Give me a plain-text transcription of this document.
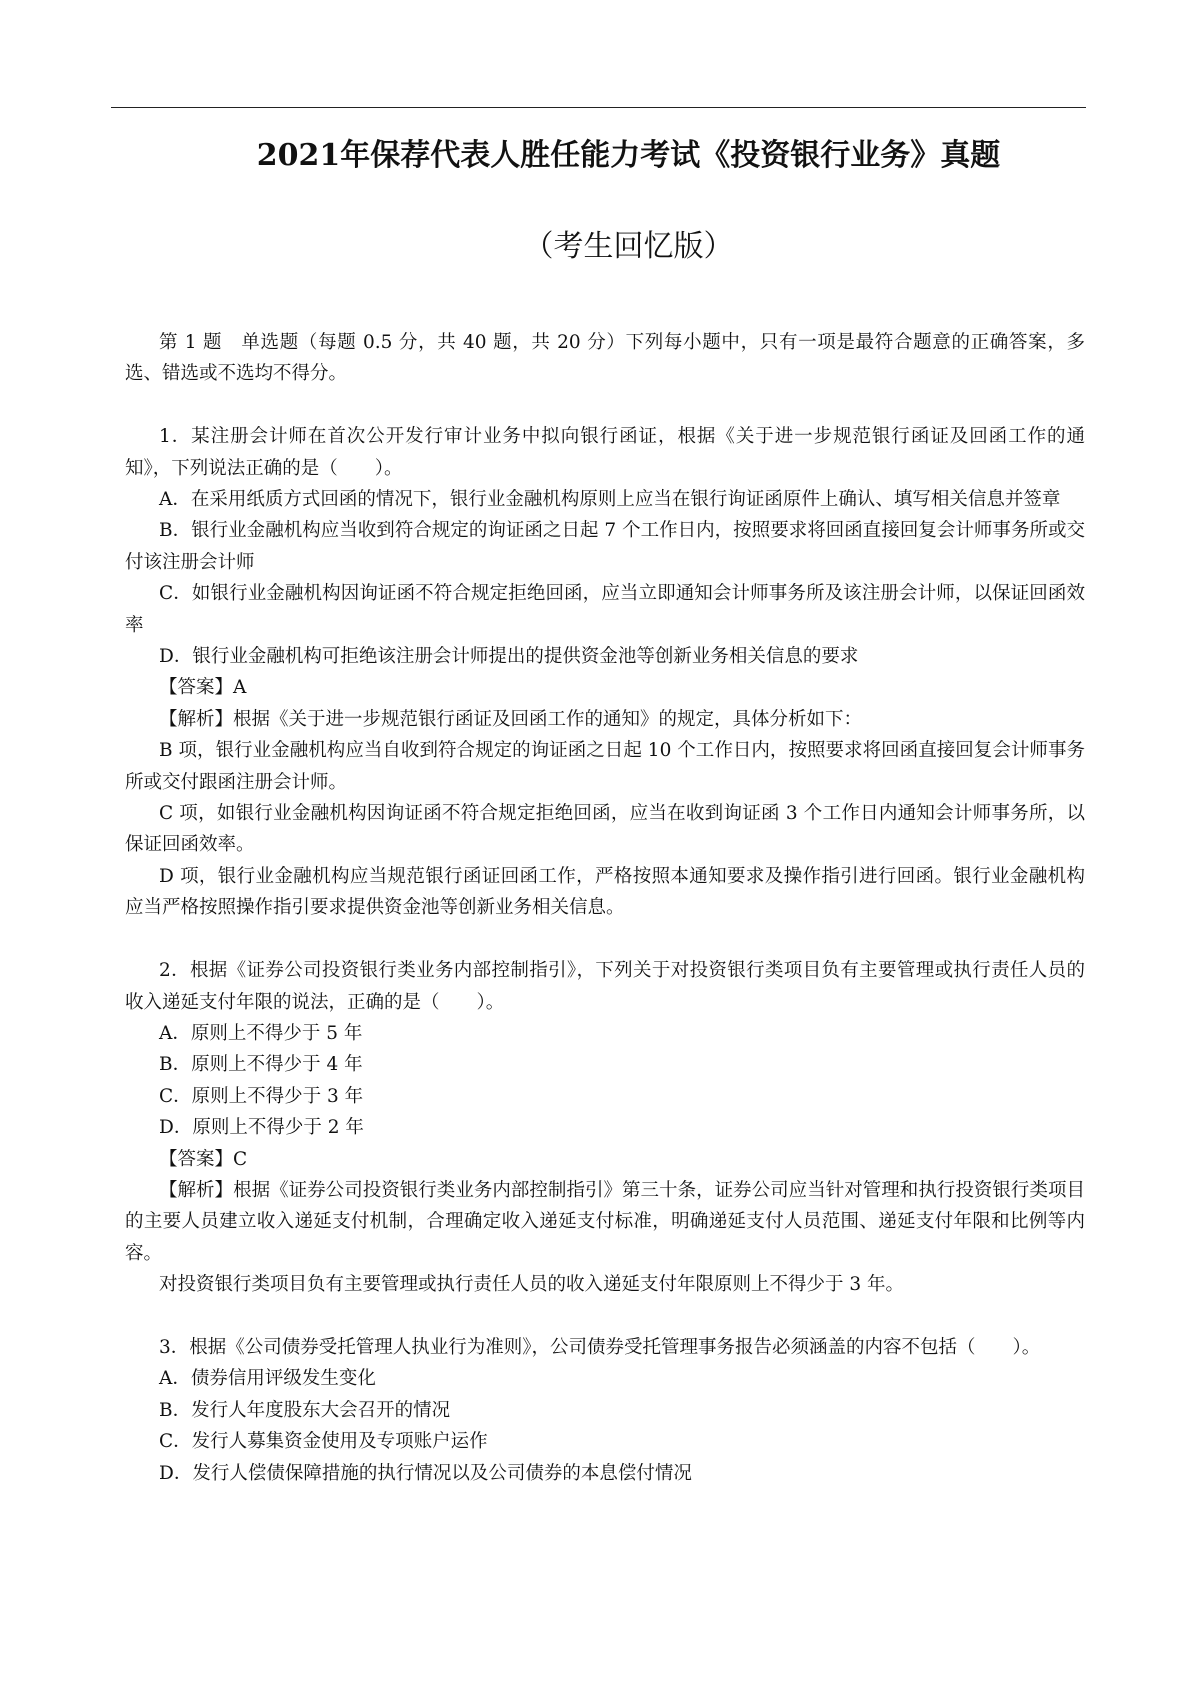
2021年保荐代表人胜任能力考试《投资银行业务》真题
（考生回忆版）

第 1 题　单选题（每题 0.5 分，共 40 题，共 20 分）下列每小题中，只有一项是最符合题意的正确答案，多选、错选或不选均不得分。

1．某注册会计师在首次公开发行审计业务中拟向银行函证，根据《关于进一步规范银行函证及回函工作的通知》，下列说法正确的是（　　）。

A．在采用纸质方式回函的情况下，银行业金融机构原则上应当在银行询证函原件上确认、填写相关信息并签章

B．银行业金融机构应当收到符合规定的询证函之日起 7 个工作日内，按照要求将回函直接回复会计师事务所或交付该注册会计师

C．如银行业金融机构因询证函不符合规定拒绝回函，应当立即通知会计师事务所及该注册会计师，以保证回函效率

D．银行业金融机构可拒绝该注册会计师提出的提供资金池等创新业务相关信息的要求

【答案】A

【解析】根据《关于进一步规范银行函证及回函工作的通知》的规定，具体分析如下：

B 项，银行业金融机构应当自收到符合规定的询证函之日起 10 个工作日内，按照要求将回函直接回复会计师事务所或交付跟函注册会计师。

C 项，如银行业金融机构因询证函不符合规定拒绝回函，应当在收到询证函 3 个工作日内通知会计师事务所，以保证回函效率。

D 项，银行业金融机构应当规范银行函证回函工作，严格按照本通知要求及操作指引进行回函。银行业金融机构应当严格按照操作指引要求提供资金池等创新业务相关信息。

2．根据《证券公司投资银行类业务内部控制指引》，下列关于对投资银行类项目负有主要管理或执行责任人员的收入递延支付年限的说法，正确的是（　　）。

A．原则上不得少于 5 年

B．原则上不得少于 4 年

C．原则上不得少于 3 年

D．原则上不得少于 2 年

【答案】C

【解析】根据《证券公司投资银行类业务内部控制指引》第三十条，证券公司应当针对管理和执行投资银行类项目的主要人员建立收入递延支付机制，合理确定收入递延支付标准，明确递延支付人员范围、递延支付年限和比例等内容。

对投资银行类项目负有主要管理或执行责任人员的收入递延支付年限原则上不得少于 3 年。

3．根据《公司债券受托管理人执业行为准则》，公司债券受托管理事务报告必须涵盖的内容不包括（　　）。

A．债券信用评级发生变化

B．发行人年度股东大会召开的情况

C．发行人募集资金使用及专项账户运作

D．发行人偿债保障措施的执行情况以及公司债券的本息偿付情况
